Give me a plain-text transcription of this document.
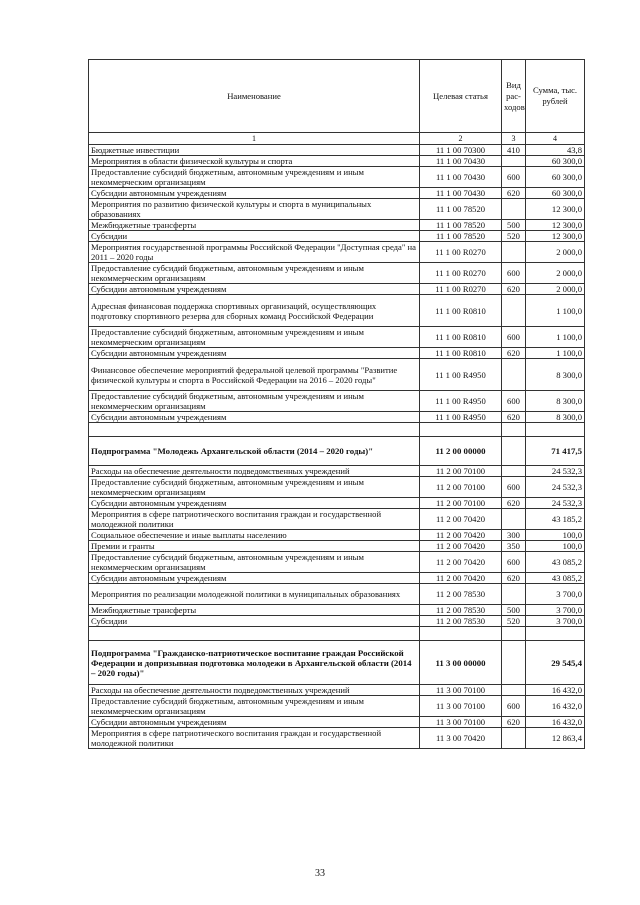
Наименование	Целевая статья	Вид рас-ходов	Сумма, тыс. рублей
1	2	3	4
Бюджетные инвестиции	11 1 00 70300	410	43,8
Мероприятия в области физической культуры и спорта	11 1 00 70430		60 300,0
Предоставление субсидий бюджетным, автономным учреждениям и иным некоммерческим организациям	11 1 00 70430	600	60 300,0
Субсидии автономным учреждениям	11 1 00 70430	620	60 300,0
Мероприятия по развитию физической культуры и спорта в муниципальных образованиях	11 1 00 78520		12 300,0
Межбюджетные трансферты	11 1 00 78520	500	12 300,0
Субсидии	11 1 00 78520	520	12 300,0
Мероприятия государственной программы Российской Федерации "Доступная среда" на 2011 – 2020 годы	11 1 00 R0270		2 000,0
Предоставление субсидий бюджетным, автономным учреждениям и иным некоммерческим организациям	11 1 00 R0270	600	2 000,0
Субсидии автономным учреждениям	11 1 00 R0270	620	2 000,0
Адресная финансовая поддержка спортивных организаций, осуществляющих подготовку спортивного резерва для сборных команд Российской Федерации	11 1 00 R0810		1 100,0
Предоставление субсидий бюджетным, автономным учреждениям и иным некоммерческим организациям	11 1 00 R0810	600	1 100,0
Субсидии автономным учреждениям	11 1 00 R0810	620	1 100,0
Финансовое обеспечение мероприятий федеральной целевой программы "Развитие физической культуры и спорта в Российской Федерации на 2016 – 2020 годы"	11 1 00 R4950		8 300,0
Предоставление субсидий бюджетным, автономным учреждениям и иным некоммерческим организациям	11 1 00 R4950	600	8 300,0
Субсидии автономным учреждениям	11 1 00 R4950	620	8 300,0

Подпрограмма "Молодежь Архангельской области (2014 – 2020 годы)"	11 2 00 00000		71 417,5
Расходы на обеспечение деятельности подведомственных учреждений	11 2 00 70100		24 532,3
Предоставление субсидий бюджетным, автономным учреждениям и иным некоммерческим организациям	11 2 00 70100	600	24 532,3
Субсидии автономным учреждениям	11 2 00 70100	620	24 532,3
Мероприятия в сфере патриотического воспитания граждан и государственной молодежной политики	11 2 00 70420		43 185,2
Социальное обеспечение и иные выплаты населению	11 2 00 70420	300	100,0
Премии и гранты	11 2 00 70420	350	100,0
Предоставление субсидий бюджетным, автономным учреждениям и иным некоммерческим организациям	11 2 00 70420	600	43 085,2
Субсидии автономным учреждениям	11 2 00 70420	620	43 085,2
Мероприятия по реализации молодежной политики в муниципальных образованиях	11 2 00 78530		3 700,0
Межбюджетные трансферты	11 2 00 78530	500	3 700,0
Субсидии	11 2 00 78530	520	3 700,0

Подпрограмма "Гражданско-патриотическое воспитание граждан Российской Федерации и допризывная подготовка молодежи в Архангельской области (2014 – 2020 годы)"	11 3 00 00000		29 545,4
Расходы на обеспечение деятельности подведомственных учреждений	11 3 00 70100		16 432,0
Предоставление субсидий бюджетным, автономным учреждениям и иным некоммерческим организациям	11 3 00 70100	600	16 432,0
Субсидии автономным учреждениям	11 3 00 70100	620	16 432,0
Мероприятия в сфере патриотического воспитания граждан и государственной молодежной политики	11 3 00 70420		12 863,4
33
